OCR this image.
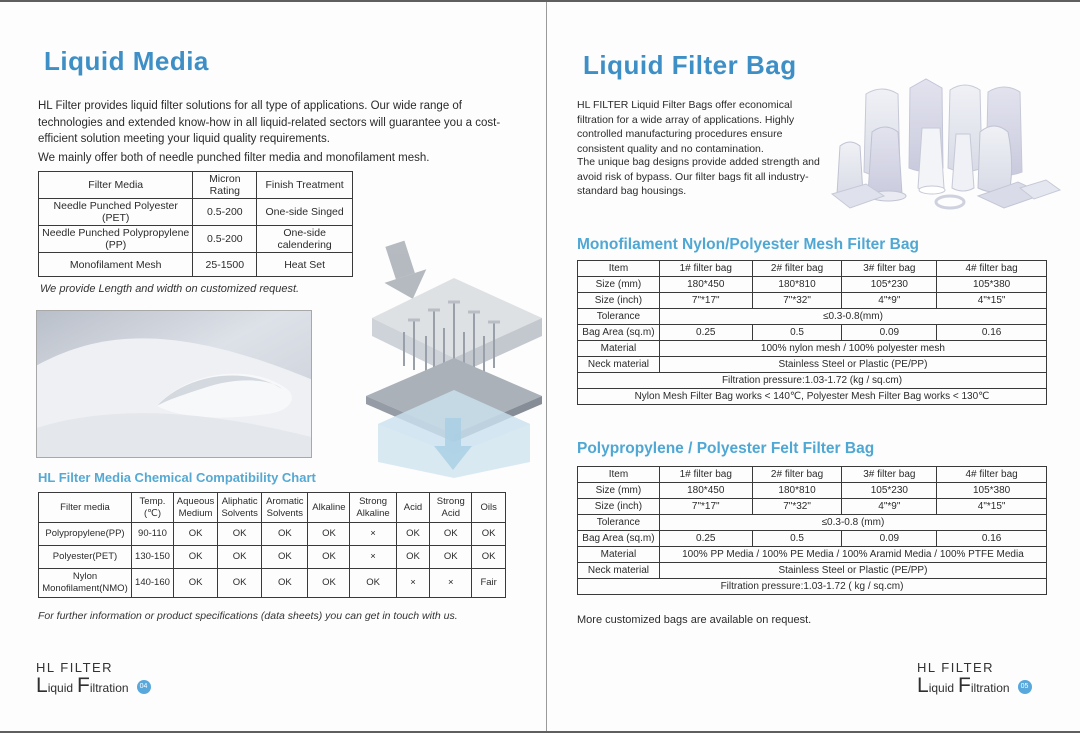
Liquid Media

HL Filter provides liquid filter solutions for all type of applications. Our wide range of technologies and extended know-how in all liquid-related sectors will guarantee you a cost-efficient solution meeting your liquid quality requirements.

We mainly offer both of needle punched filter media and monofilament mesh.

Filter Media	Micron Rating	Finish Treatment
Needle Punched Polyester (PET)	0.5-200	One-side Singed
Needle Punched Polypropylene (PP)	0.5-200	One-side calendering
Monofilament Mesh	25-1500	Heat Set

We provide Length and width on customized request.

HL Filter Media Chemical Compatibility Chart
Filter media	Temp.(℃)	Aqueous Medium	Aliphatic Solvents	Aromatic Solvents	Alkaline	Strong Alkaline	Acid	Strong Acid	Oils
Polypropylene(PP)	90-110	OK	OK	OK	OK	×	OK	OK	OK
Polyester(PET)	130-150	OK	OK	OK	OK	×	OK	OK	OK
Nylon Monofilament(NMO)	140-160	OK	OK	OK	OK	OK	×	×	Fair

For further information or product specifications (data sheets) you can get in touch with us.

HL FILTER
L iquid F iltration	04
Liquid Filter Bag

HL FILTER Liquid Filter Bags offer economical filtration for a wide array of applications. Highly controlled manufacturing procedures ensure consistent quality and no contamination.

The unique bag designs provide added strength and avoid risk of bypass. Our filter bags fit all industry-standard bag housings.

Monofilament Nylon/Polyester Mesh Filter Bag
Item	1# filter bag	2# filter bag	3# filter bag	4# filter bag
Size (mm)	180*450	180*810	105*230	105*380
Size (inch)	7"*17"	7"*32"	4"*9"	4"*15"
Tolerance	≤0.3-0.8(mm)			
Bag Area (sq.m)	0.25	0.5	0.09	0.16
Material	100% nylon mesh / 100% polyester mesh			
Neck material	Stainless Steel or Plastic (PE/PP)			
Filtration pressure:1.03-1.72 (kg / sq.cm)				
Nylon Mesh Filter Bag works < 140℃, Polyester Mesh Filter Bag works < 130℃				
Polypropylene / Polyester Felt Filter Bag
Item	1# filter bag	2# filter bag	3# filter bag	4# filter bag
Size (mm)	180*450	180*810	105*230	105*380
Size (inch)	7"*17"	7"*32"	4"*9"	4"*15"
Tolerance	≤0.3-0.8 (mm)			
Bag Area (sq.m)	0.25	0.5	0.09	0.16
Material	100% PP Media / 100% PE Media / 100% Aramid Media / 100% PTFE Media			
Neck material	Stainless Steel or Plastic (PE/PP)			
Filtration pressure:1.03-1.72 ( kg / sq.cm)				

More customized bags are available on request.

HL FILTER
L iquid F iltration	05
